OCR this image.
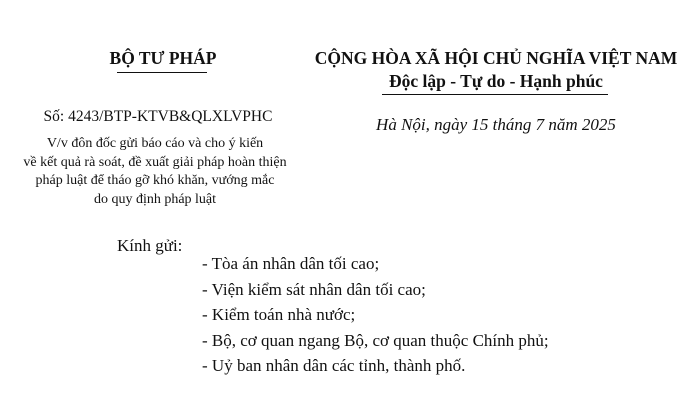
BỘ TƯ PHÁP
Số: 4243/BTP-KTVB&QLXLVPHC
V/v đôn đốc gửi báo cáo và cho ý kiến
về kết quả rà soát, đề xuất giải pháp hoàn thiện
pháp luật để tháo gỡ khó khăn, vướng mắc
do quy định pháp luật
CỘNG HÒA XÃ HỘI CHỦ NGHĨA VIỆT NAM
Độc lập - Tự do - Hạnh phúc
Hà Nội, ngày 15 tháng 7 năm 2025
Kính gửi:
- Tòa án nhân dân tối cao;
- Viện kiểm sát nhân dân tối cao;
- Kiểm toán nhà nước;
- Bộ, cơ quan ngang Bộ, cơ quan thuộc Chính phủ;
- Uỷ ban nhân dân các tỉnh, thành phố.
